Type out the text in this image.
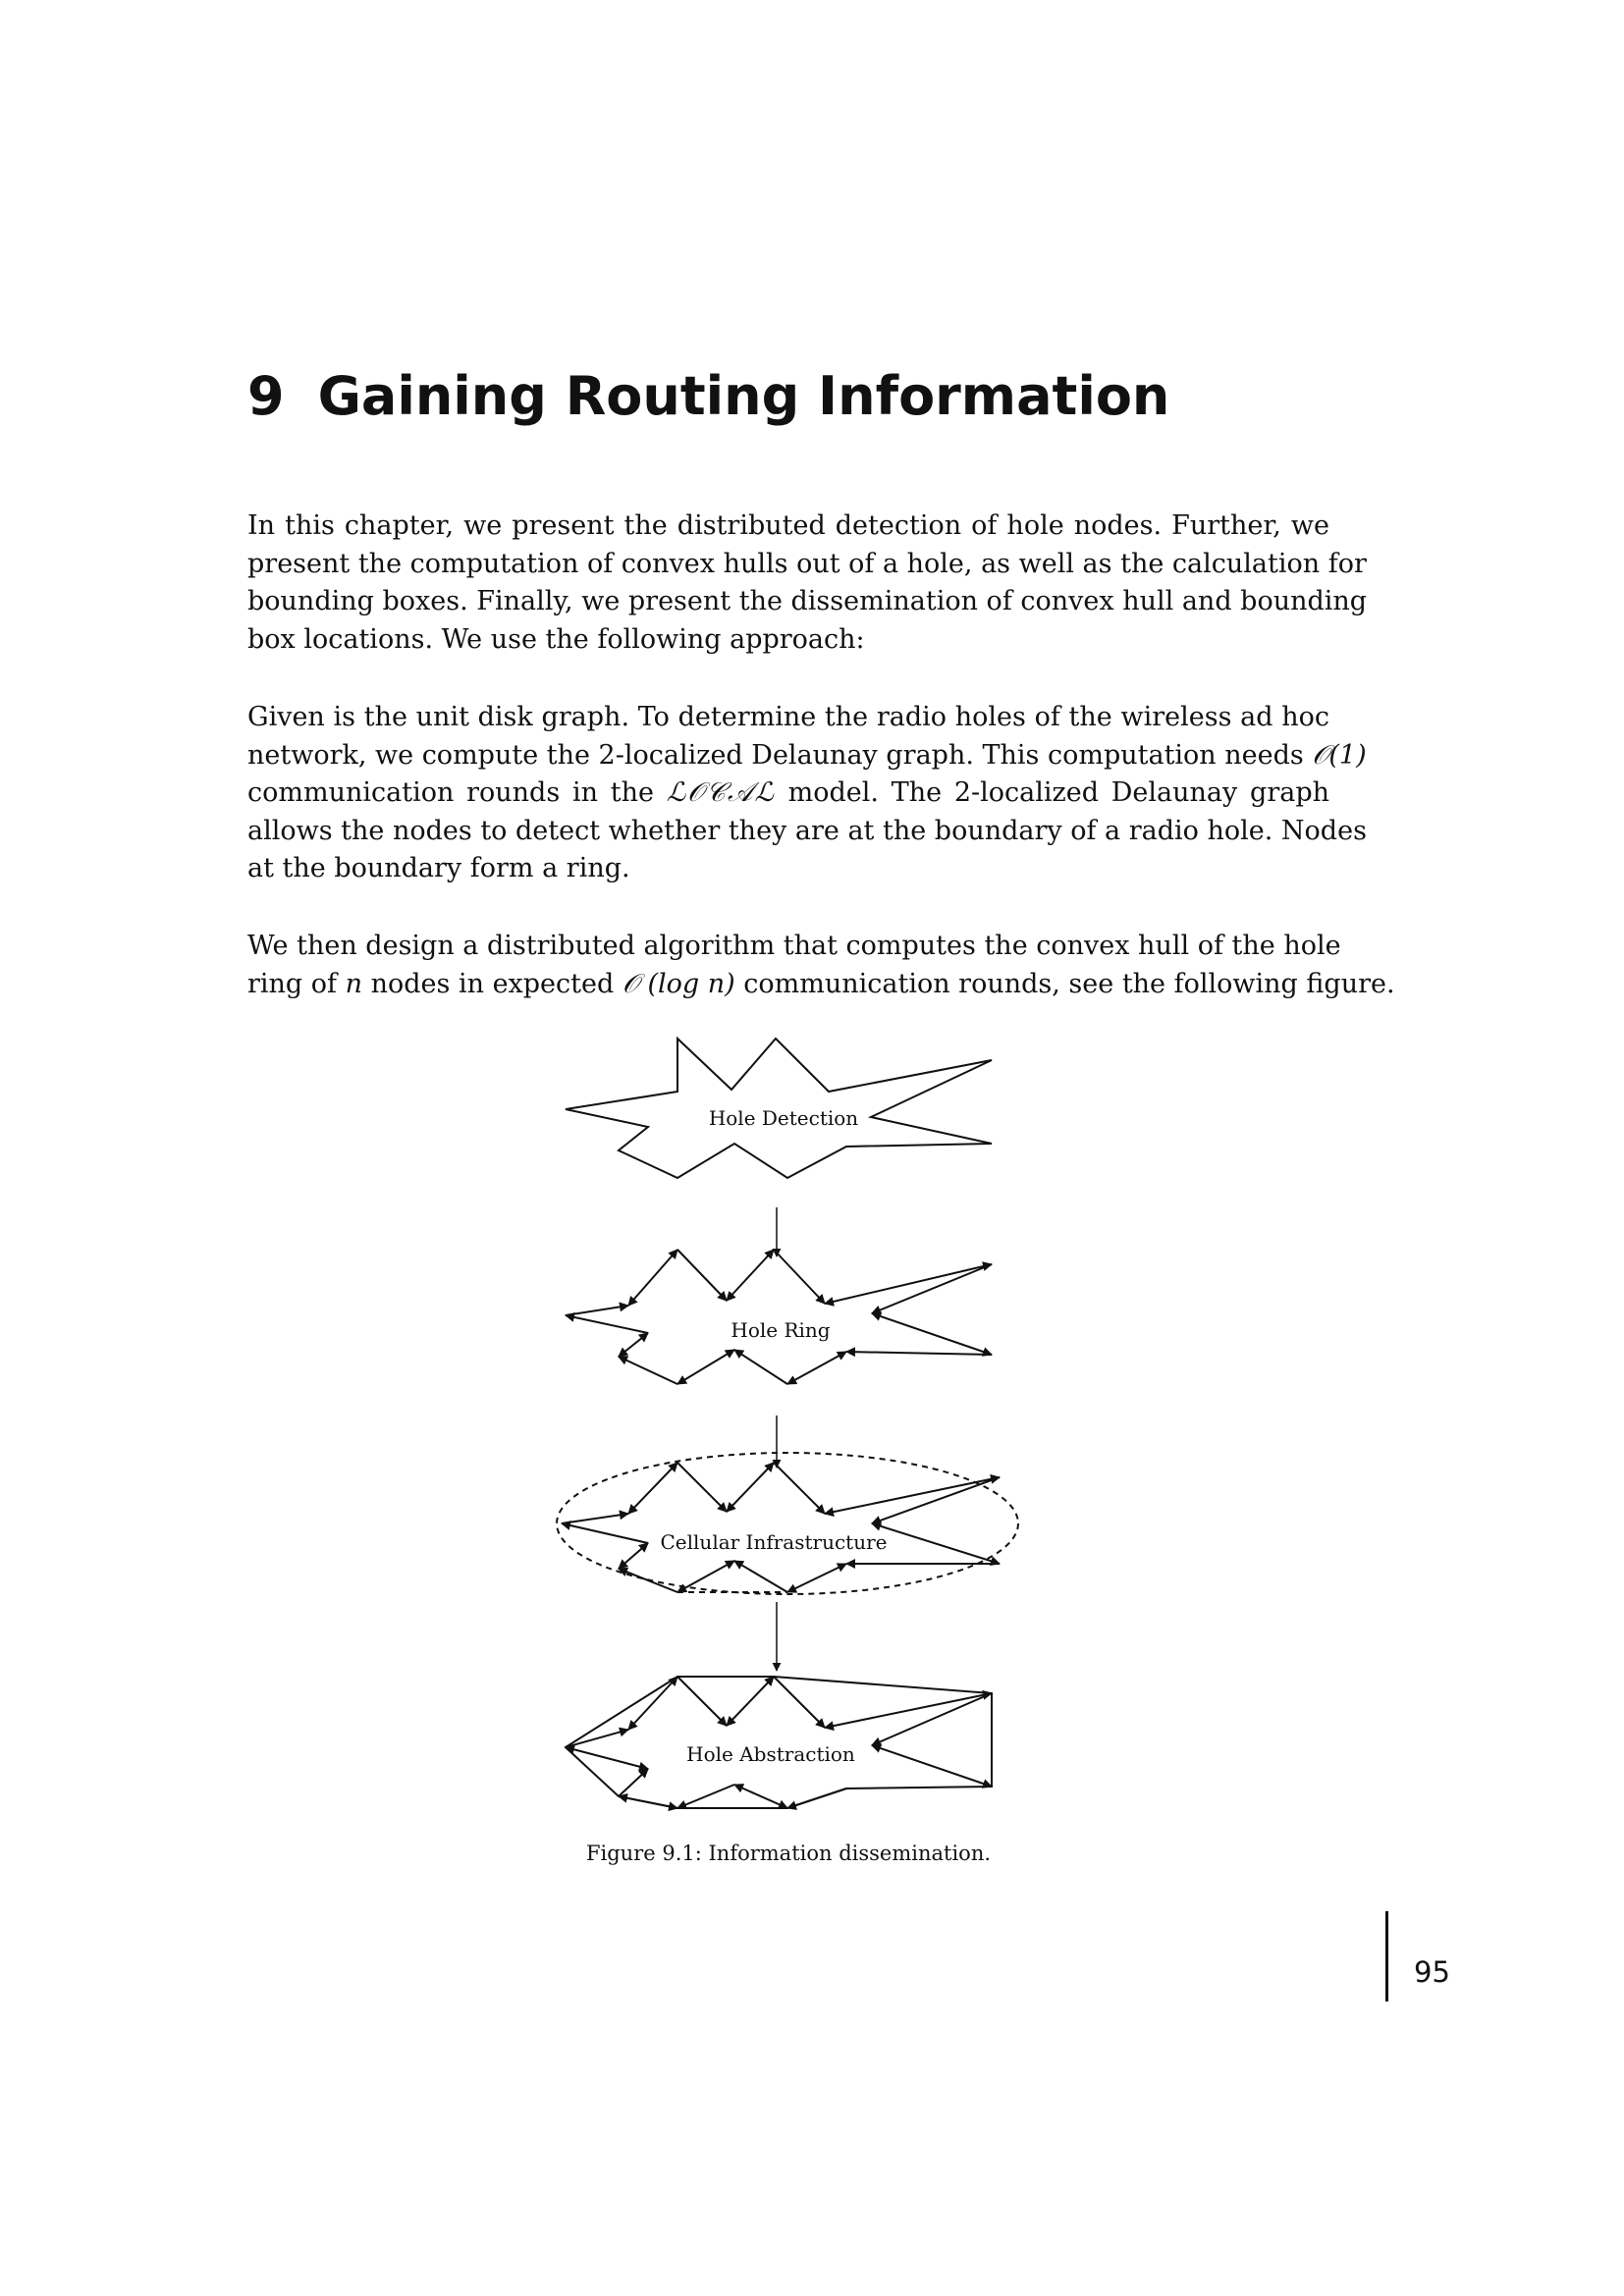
9 Gaining Routing Information

In this chapter, we present the distributed detection of hole nodes. Further, we
present the computation of convex hulls out of a hole, as well as the calculation for
bounding boxes. Finally, we present the dissemination of convex hull and bounding
box locations. We use the following approach:

Given is the unit disk graph. To determine the radio holes of the wireless ad hoc
network, we compute the 2-localized Delaunay graph. This computation needs 𝒪(1)
communication rounds in the ℒ𝒪𝒞𝒜ℒ model. The 2-localized Delaunay graph
allows the nodes to detect whether they are at the boundary of a radio hole. Nodes
at the boundary form a ring.

We then design a distributed algorithm that computes the convex hull of the hole
ring of n nodes in expected 𝒪 (log n) communication rounds, see the following figure.

Hole Detection
Hole Ring
Cellular Infrastructure
Hole Abstraction
Figure 9.1: Information dissemination.
95
